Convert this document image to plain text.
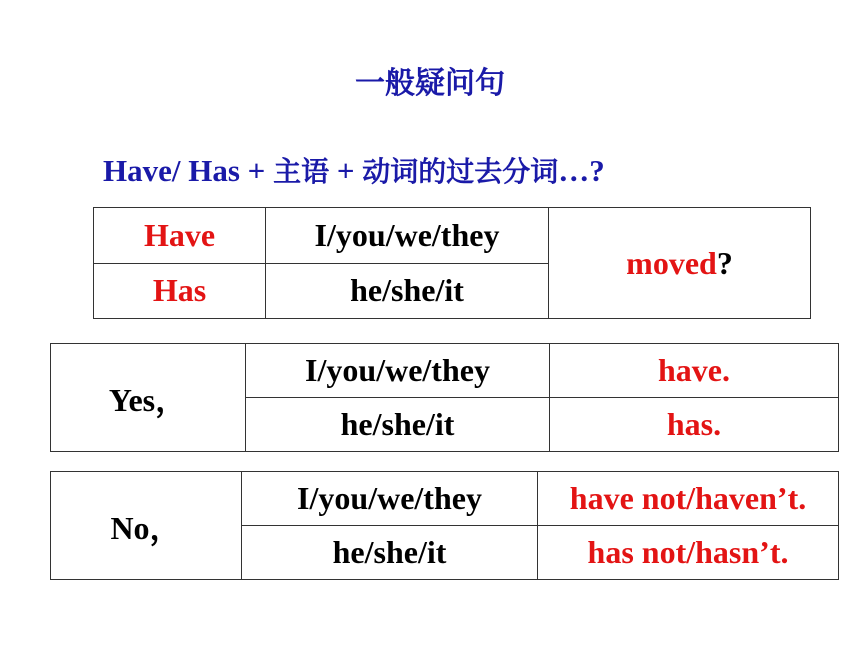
一般疑问句
Have/ Has + 主语 + 动词的过去分词…?
Have	I/you/we/they	moved?
Has	he/she/it	
Yes，	I/you/we/they	have.
	he/she/it	has.
No，	I/you/we/they	have not/haven’t.
	he/she/it	has not/hasn’t.
